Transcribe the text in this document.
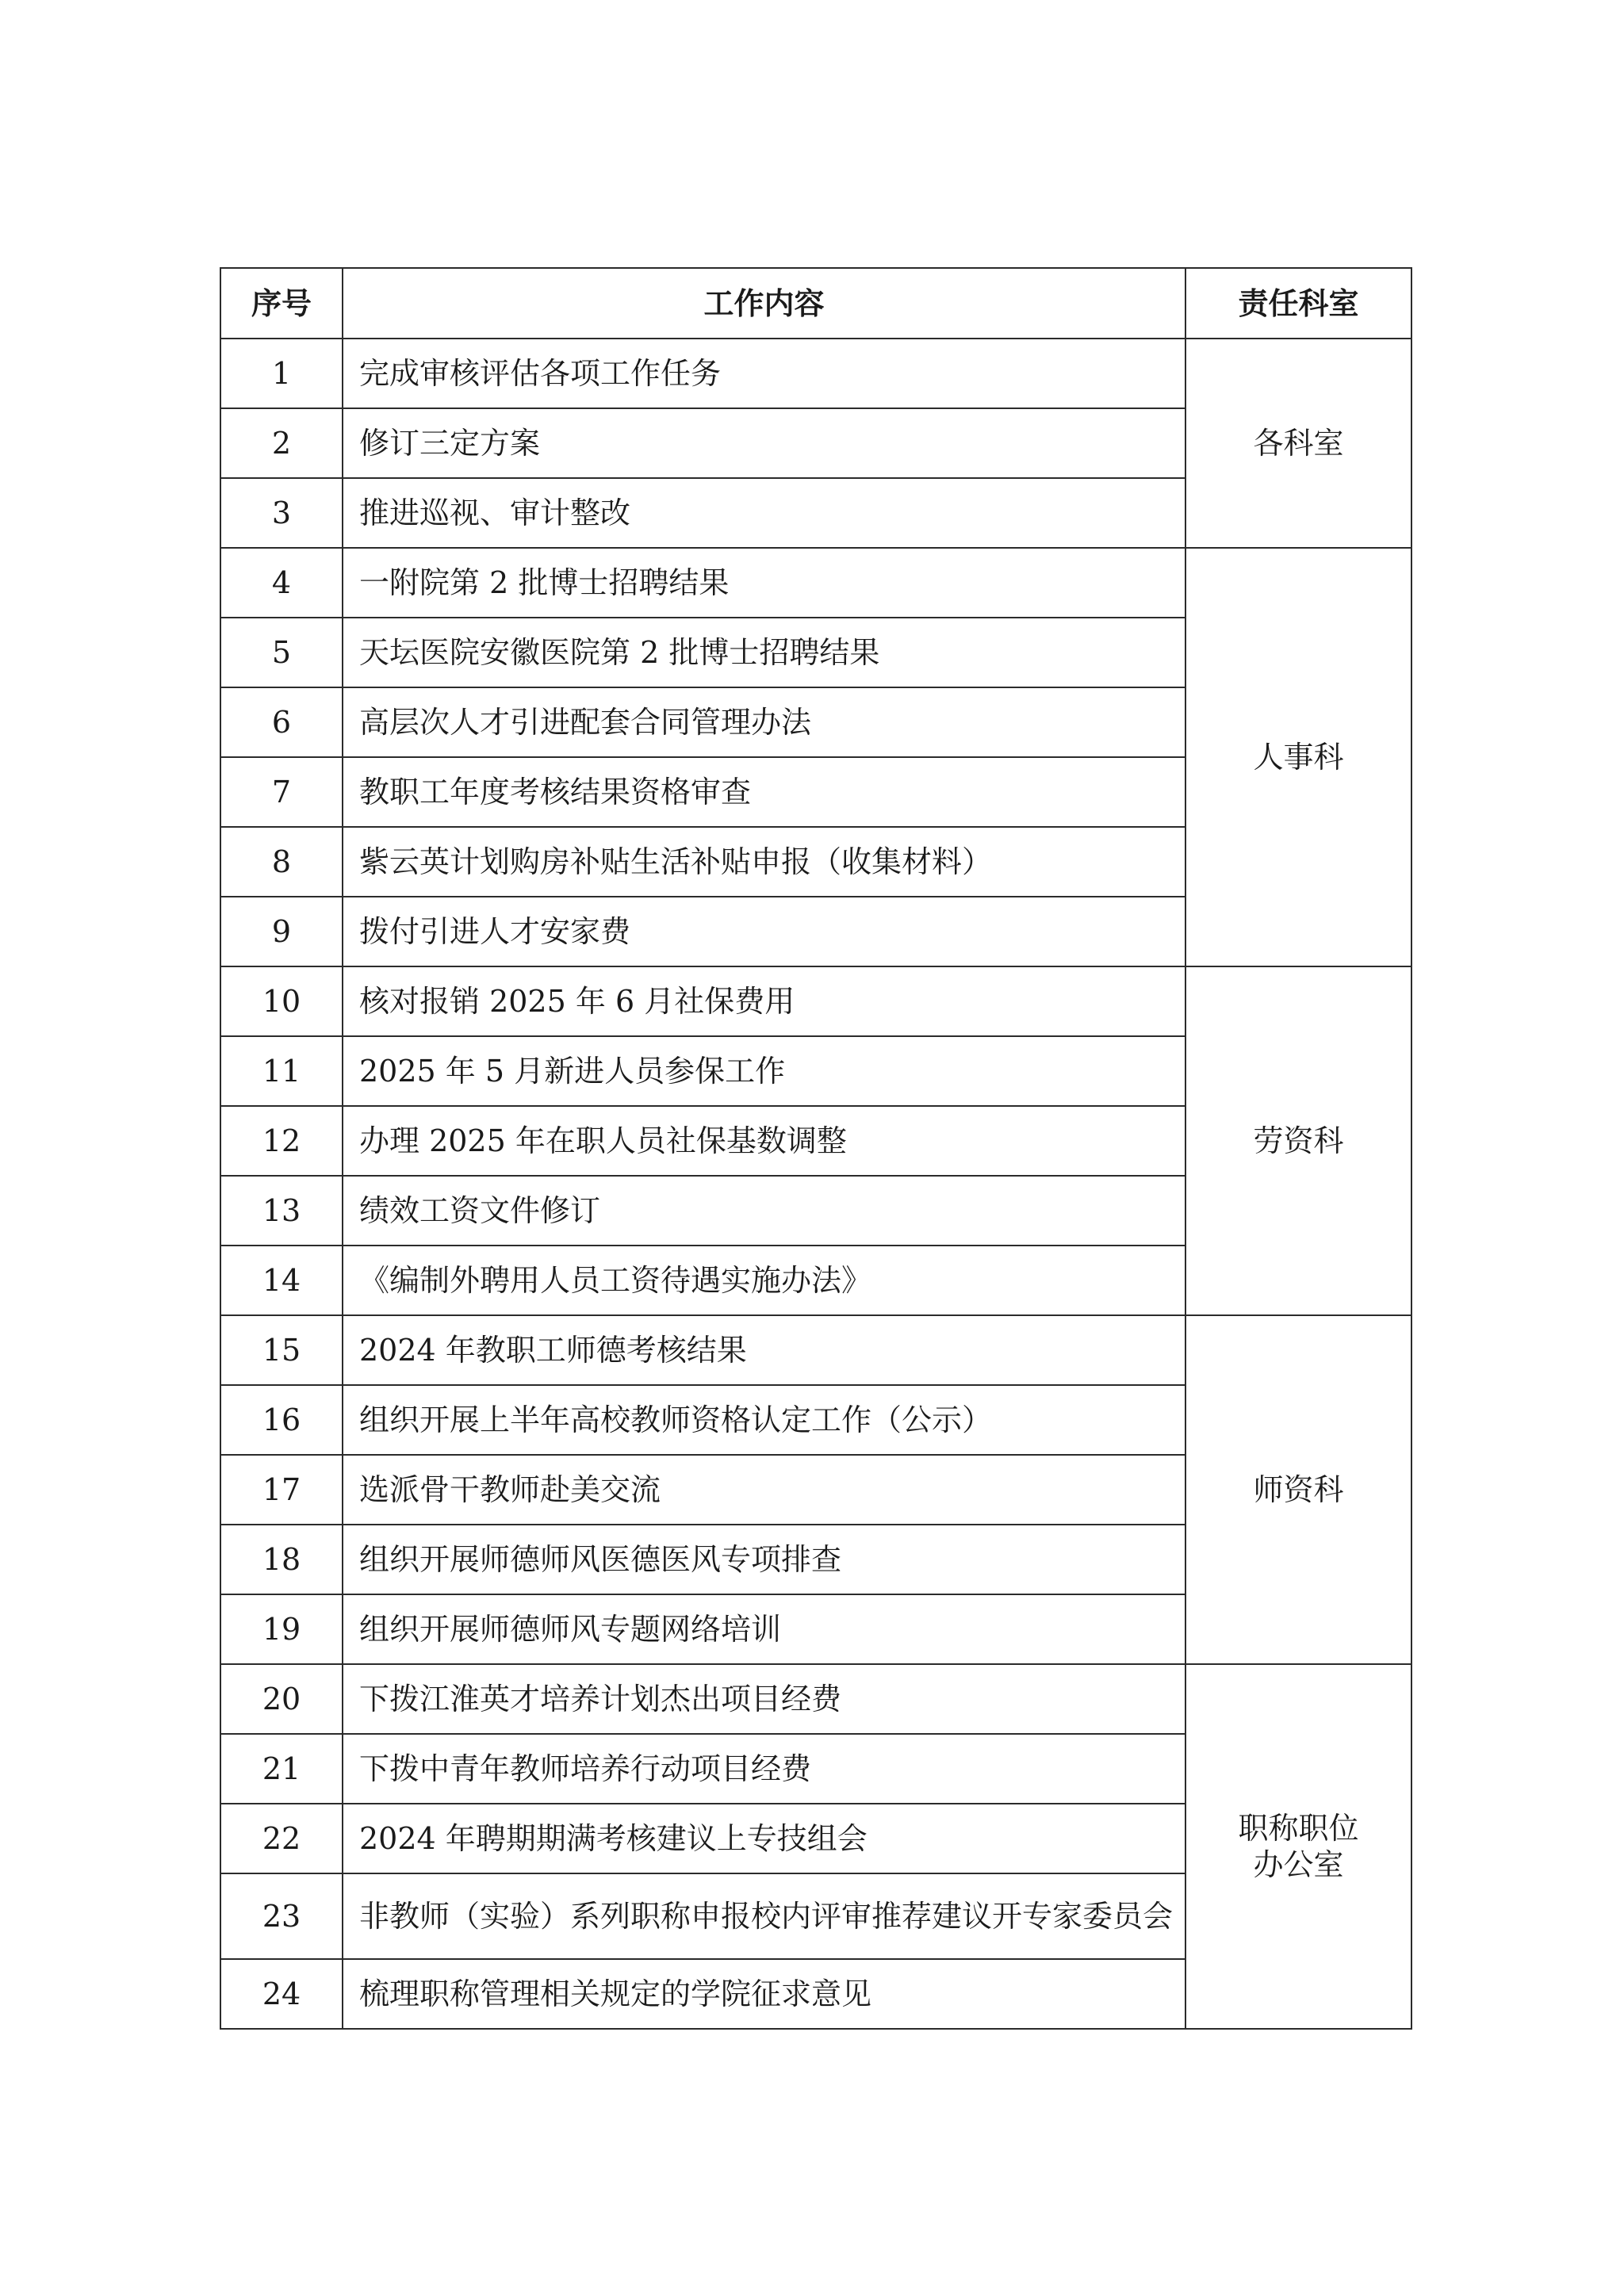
序号	工作内容	责任科室
1	完成审核评估各项工作任务	各科室
2	修订三定方案	
3	推进巡视、审计整改	
4	一附院第 2 批博士招聘结果	人事科
5	天坛医院安徽医院第 2 批博士招聘结果	
6	高层次人才引进配套合同管理办法	
7	教职工年度考核结果资格审查	
8	紫云英计划购房补贴生活补贴申报（收集材料）	
9	拨付引进人才安家费	
10	核对报销 2025 年 6 月社保费用	劳资科
11	2025 年 5 月新进人员参保工作	
12	办理 2025 年在职人员社保基数调整	
13	绩效工资文件修订	
14	《编制外聘用人员工资待遇实施办法》	
15	2024 年教职工师德考核结果	师资科
16	组织开展上半年高校教师资格认定工作（公示）	
17	选派骨干教师赴美交流	
18	组织开展师德师风医德医风专项排查	
19	组织开展师德师风专题网络培训	
20	下拨江淮英才培养计划杰出项目经费	职称职位
办公室

21	下拨中青年教师培养行动项目经费	
22	2024 年聘期期满考核建议上专技组会	
23	非教师（实验）系列职称申报校内评审推荐建议开专家委员会	
24	梳理职称管理相关规定的学院征求意见	
